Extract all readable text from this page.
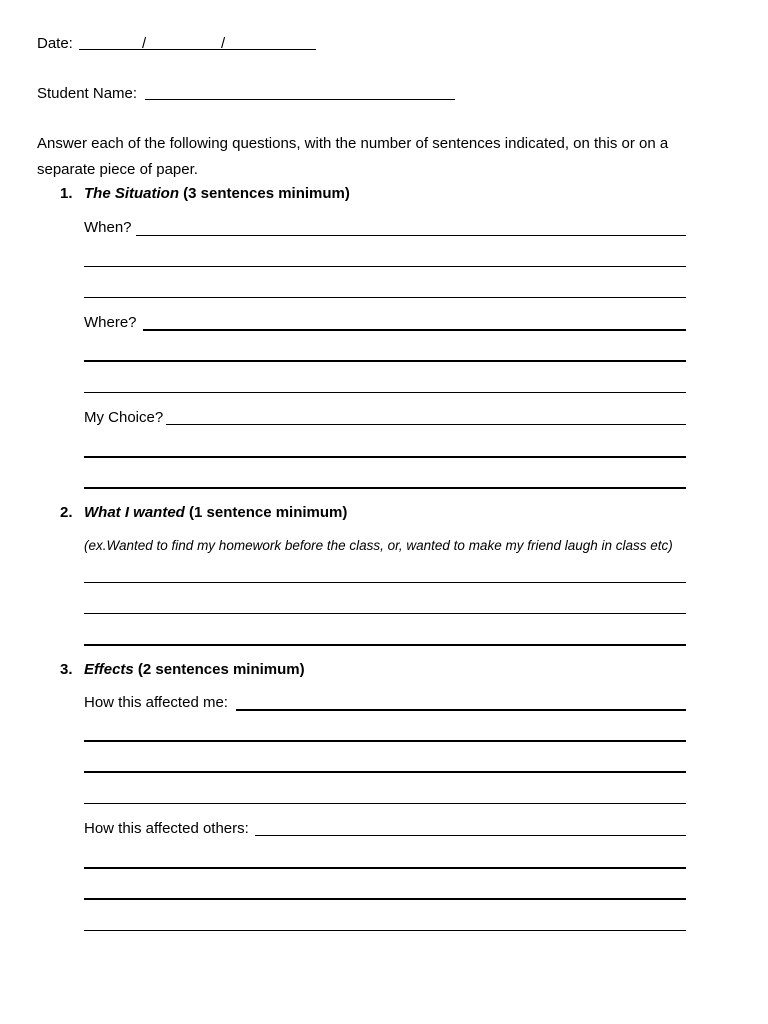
Date:	/	/
Student Name:
Answer each of the following questions, with the number of sentences indicated, on this or on a
separate piece of paper.
1. The Situation (3 sentences minimum)
When?
Where?
My Choice?
2. What I wanted (1 sentence minimum)
(ex.Wanted to find my homework before the class, or, wanted to make my friend laugh in class etc)
3. Effects (2 sentences minimum)
How this affected me:
How this affected others:
